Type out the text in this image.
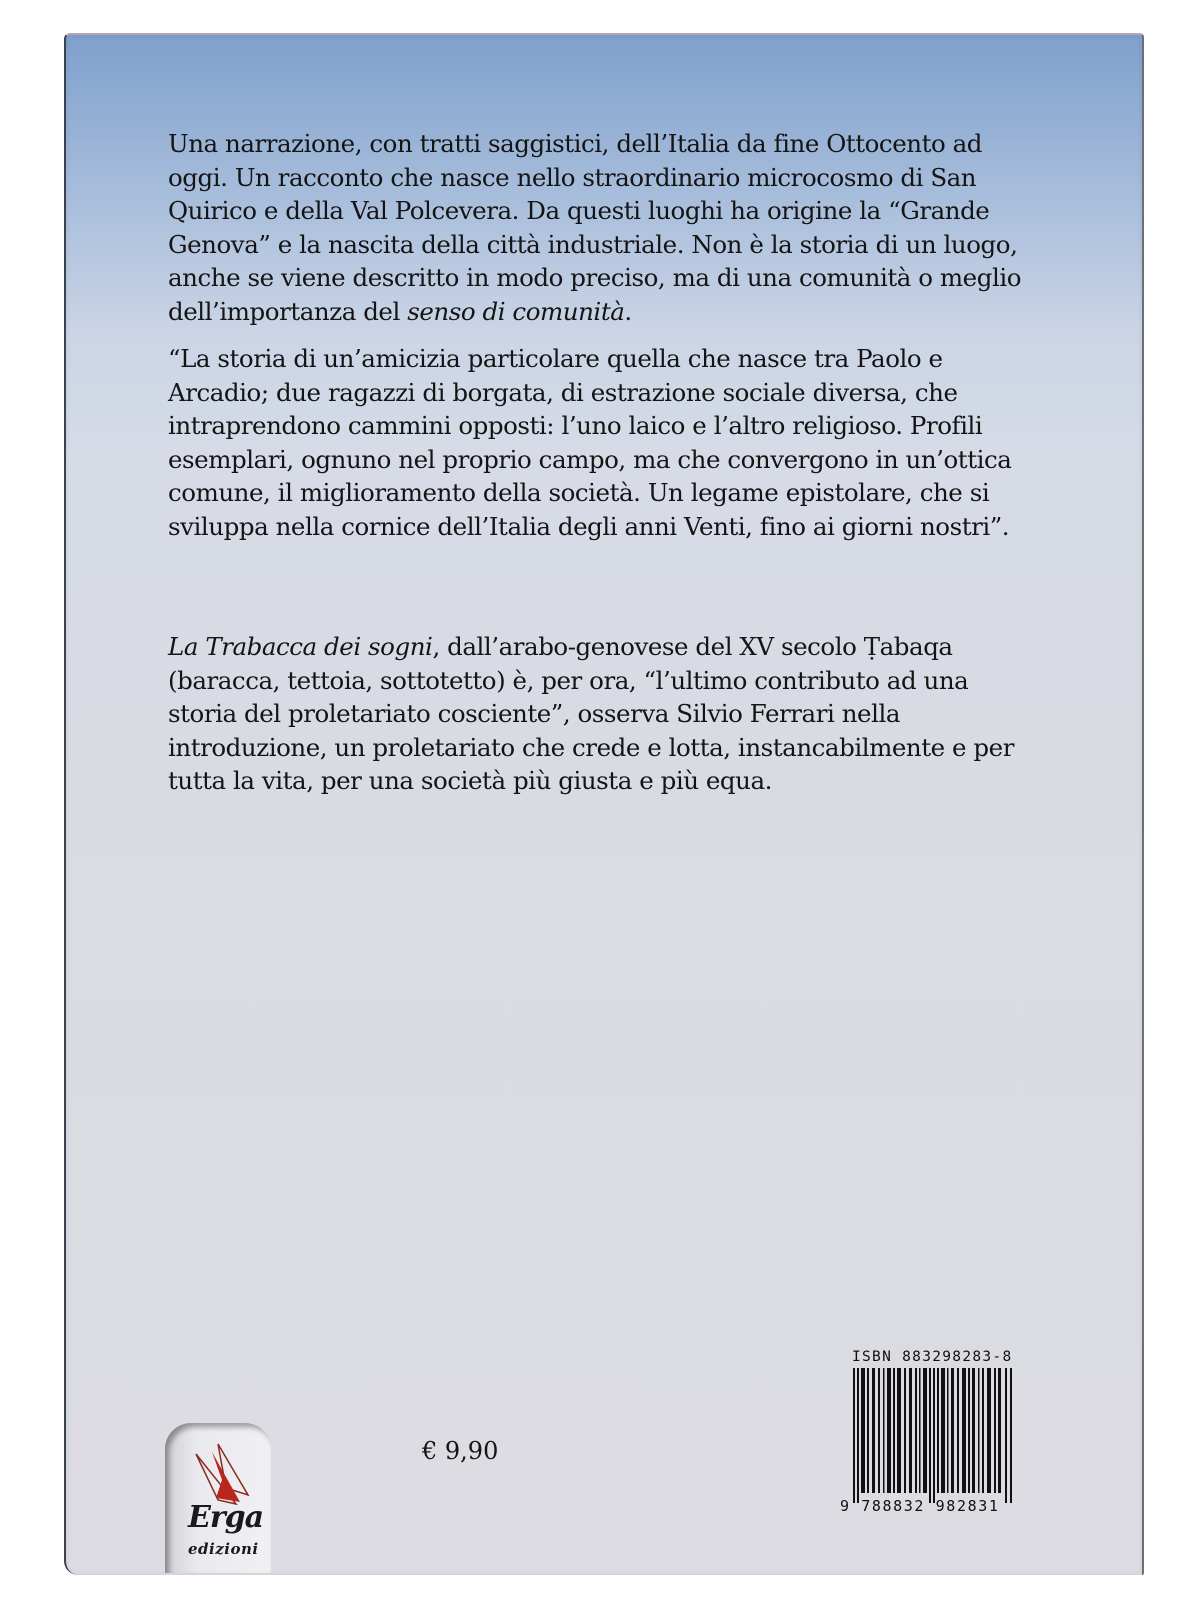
Una narrazione, con tratti saggistici, dell’Italia da fine Ottocento ad oggi. Un racconto che nasce nello straordinario microcosmo di San Quirico e della Val Polcevera. Da questi luoghi ha origine la “Grande Genova” e la nascita della città industriale. Non è la storia di un luogo, anche se viene descritto in modo preciso, ma di una comunità o meglio dell’importanza del senso di comunità.

“La storia di un’amicizia particolare quella che nasce tra Paolo e Arcadio; due ragazzi di borgata, di estrazione sociale diversa, che intraprendono cammini opposti: l’uno laico e l’altro religioso. Profili esemplari, ognuno nel proprio campo, ma che convergono in un’ottica comune, il miglioramento della società. Un legame epistolare, che si sviluppa nella cornice dell’Italia degli anni Venti, fino ai giorni nostri”.

La Trabacca dei sogni, dall’arabo-genovese del XV secolo Ṭabaqa (baracca, tettoia, sottotetto) è, per ora, “l’ultimo contributo ad una storia del proletariato cosciente”, osserva Silvio Ferrari nella introduzione, un proletariato che crede e lotta, instancabilmente e per tutta la vita, per una società più giusta e più equa.

Erga
edizioni
€ 9,90
ISBN 883298283-8
9 788832 982831
